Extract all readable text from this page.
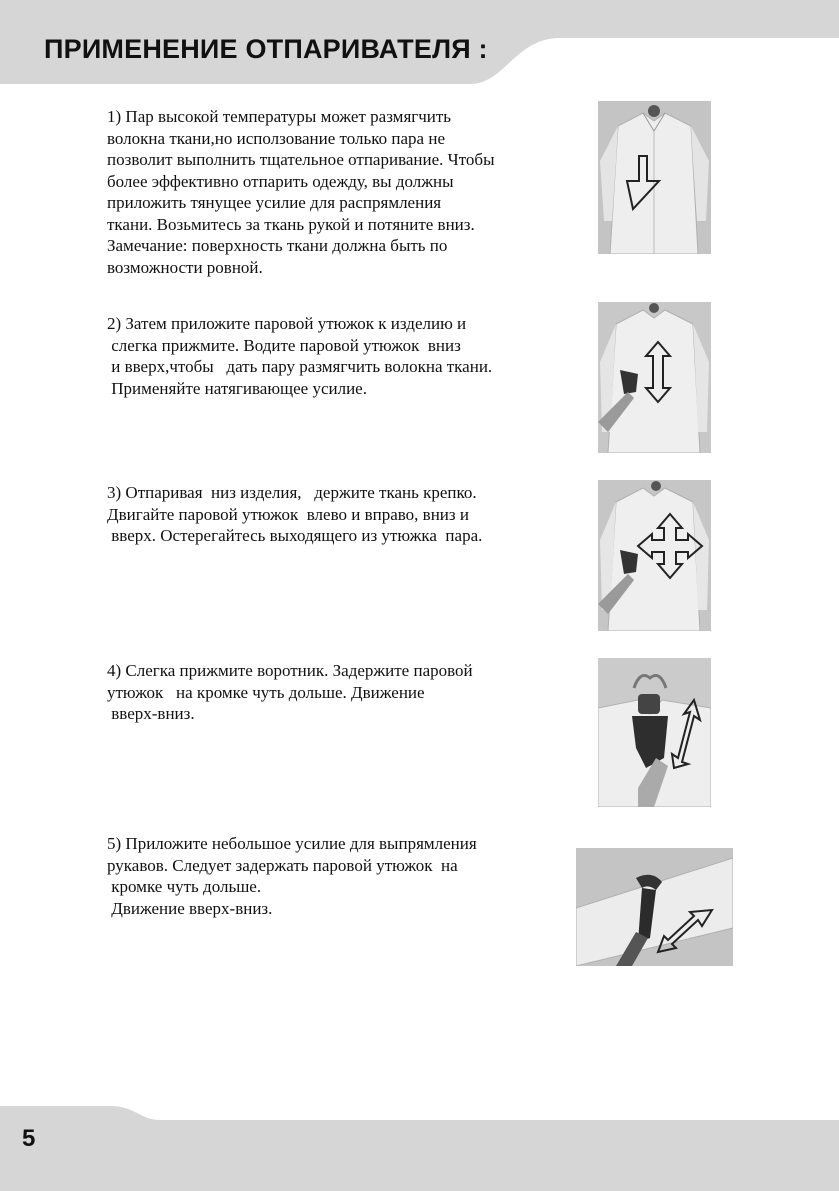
ПРИМЕНЕНИЕ ОТПАРИВАТЕЛЯ :
1) Пар высокой температуры может размягчить
волокна ткани,но исползование только пара не
позволит выполнить тщательное отпаривание. Чтобы
более эффективно отпарить одежду, вы должны
приложить тянущее усилие для распрямления
ткани. Возьмитесь за ткань рукой и потяните вниз.
Замечание: поверхность ткани должна быть по
возможности ровной.
2) Затем приложите паровой утюжок к изделию и
слегка прижмите. Водите паровой утюжок  вниз
и вверх,чтобы   дать пару размягчить волокна ткани.
Применяйте натягивающее усилие.
3) Отпаривая  низ изделия,   держите ткань крепко.
Двигайте паровой утюжок  влево и вправо, вниз и
вверх. Остерегайтесь выходящего из утюжка  пара.
4) Слегка прижмите воротник. Задержите паровой
утюжок   на кромке чуть дольше. Движение
вверх-вниз.
5) Приложите небольшое усилие для выпрямления
рукавов. Следует задержать паровой утюжок  на
кромке чуть дольше.
Движение вверх-вниз.
5
